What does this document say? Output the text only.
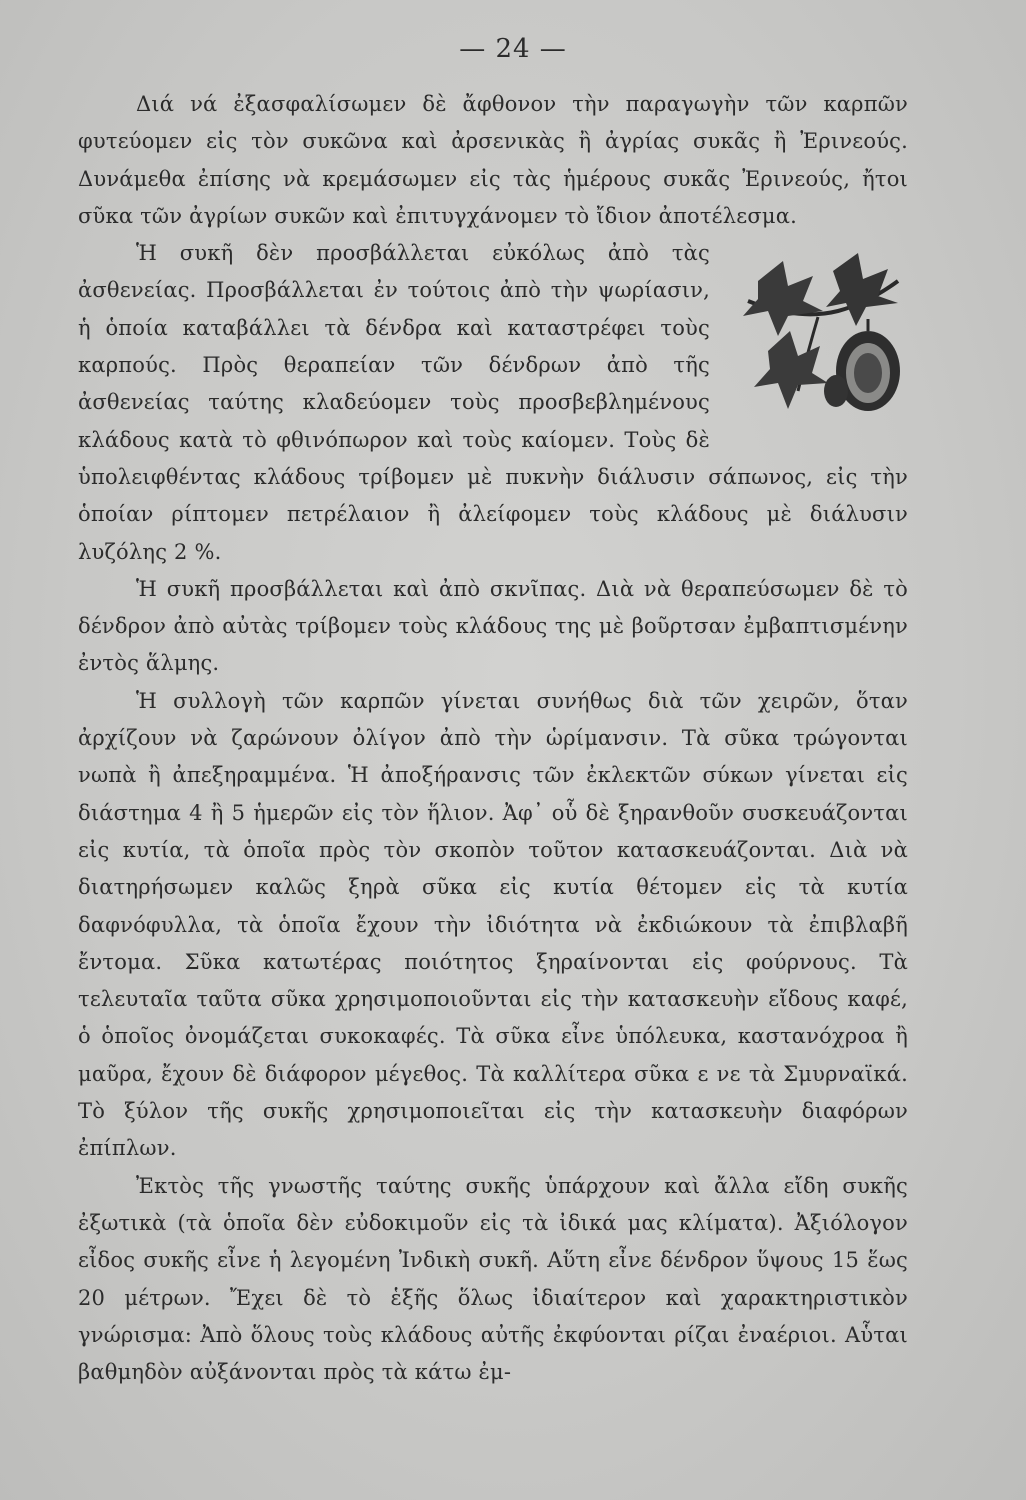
— 24 —

Διά νά ἐξασφαλίσωμεν δὲ ἄφθονον τὴν παραγωγὴν τῶν καρπῶν φυτεύομεν εἰς τὸν συκῶνα καὶ ἀρσενικὰς ἢ ἀγρίας συκᾶς ἢ Ἐρινεούς. Δυνάμεθα ἐπίσης νὰ κρεμάσωμεν εἰς τὰς ἡμέρους συκᾶς Ἐρινεούς, ἤτοι σῦκα τῶν ἀγρίων συκῶν καὶ ἐπιτυγχάνομεν τὸ ἴδιον ἀποτέλεσμα.

Ἡ συκῆ δὲν προσβάλλεται εὐκόλως ἀπὸ τὰς ἀσθενείας. Προσβάλλεται ἐν τούτοις ἀπὸ τὴν ψωρίασιν, ἡ ὁποία καταβάλλει τὰ δένδρα καὶ καταστρέφει τοὺς καρπούς. Πρὸς θεραπείαν τῶν δένδρων ἀπὸ τῆς ἀσθενείας ταύτης κλαδεύομεν τοὺς προσβεβλημένους κλάδους κατὰ τὸ φθινόπωρον καὶ τοὺς καίομεν. Τοὺς δὲ ὑπολειφθέντας κλάδους τρίβομεν μὲ πυκνὴν διάλυσιν σάπωνος, εἰς τὴν ὁποίαν ρίπτομεν πετρέλαιον ἢ ἀλείφομεν τοὺς κλάδους μὲ διάλυσιν λυζόλης 2 %.

Ἡ συκῆ προσβάλλεται καὶ ἀπὸ σκνῖπας. Διὰ νὰ θεραπεύσωμεν δὲ τὸ δένδρον ἀπὸ αὐτὰς τρίβομεν τοὺς κλάδους της μὲ βοῦρτσαν ἐμβαπτισμένην ἐντὸς ἅλμης.

Ἡ συλλογὴ τῶν καρπῶν γίνεται συνήθως διὰ τῶν χειρῶν, ὅταν ἀρχίζουν νὰ ζαρώνουν ὀλίγον ἀπὸ τὴν ὡρίμανσιν. Τὰ σῦκα τρώγονται νωπὰ ἢ ἀπεξηραμμένα. Ἡ ἀποξήρανσις τῶν ἐκλεκτῶν σύκων γίνεται εἰς διάστημα 4 ἢ 5 ἡμερῶν εἰς τὸν ἥλιον. Ἀφ᾿ οὗ δὲ ξηρανθοῦν συσκευάζονται εἰς κυτία, τὰ ὁποῖα πρὸς τὸν σκοπὸν τοῦτον κατασκευάζονται. Διὰ νὰ διατηρήσωμεν καλῶς ξηρὰ σῦκα εἰς κυτία θέτομεν εἰς τὰ κυτία δαφνόφυλλα, τὰ ὁποῖα ἔχουν τὴν ἰδιότητα νὰ ἐκδιώκουν τὰ ἐπιβλαβῆ ἔντομα. Σῦκα κατωτέρας ποιότητος ξηραίνονται εἰς φούρνους. Τὰ τελευταῖα ταῦτα σῦκα χρησιμοποιοῦνται εἰς τὴν κατασκευὴν εἴδους καφέ, ὁ ὁποῖος ὀνομάζεται συκοκαφές. Τὰ σῦκα εἶνε ὑπόλευκα, καστανόχροα ἢ μαῦρα, ἔχουν δὲ διάφορον μέγεθος. Τὰ καλλίτερα σῦκα ε νε τὰ Σμυρναϊκά. Τὸ ξύλον τῆς συκῆς χρησιμοποιεῖται εἰς τὴν κατασκευὴν διαφόρων ἐπίπλων.

Ἐκτὸς τῆς γνωστῆς ταύτης συκῆς ὑπάρχουν καὶ ἄλλα εἴδη συκῆς ἐξωτικὰ (τὰ ὁποῖα δὲν εὐδοκιμοῦν εἰς τὰ ἰδικά μας κλίματα). Ἀξιόλογον εἶδος συκῆς εἶνε ἡ λεγομένη Ἰνδικὴ συκῆ. Αὕτη εἶνε δένδρον ὕψους 15 ἕως 20 μέτρων. Ἔχει δὲ τὸ ἑξῆς ὅλως ἰδιαίτερον καὶ χαρακτηριστικὸν γνώρισμα: Ἀπὸ ὅλους τοὺς κλάδους αὐτῆς ἐκφύονται ρίζαι ἐναέριοι. Αὗται βαθμηδὸν αὐξάνονται πρὸς τὰ κάτω ἐμ-
